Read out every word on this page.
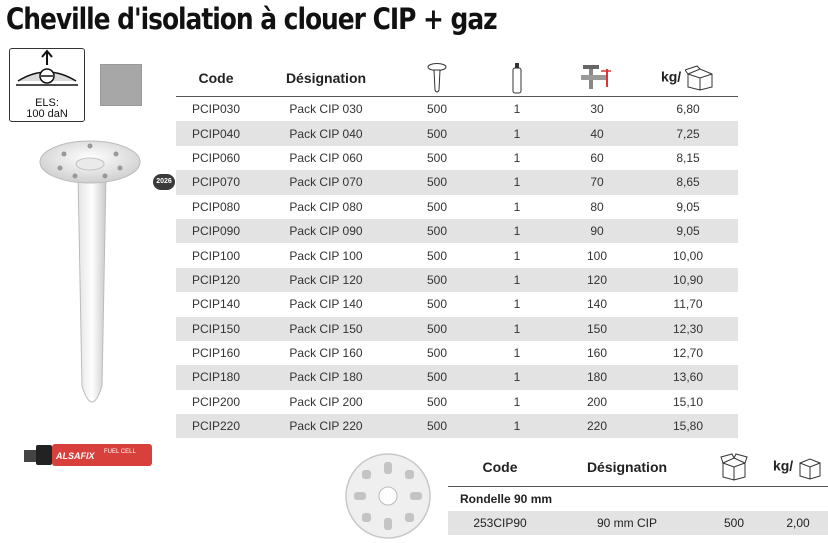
Cheville d'isolation à clouer CIP + gaz
ELS:
100 daN
ALSAFIX FUEL CELL
2026
Code	Désignation				kg/
PCIP030	Pack CIP 030	500	1	30	6,80
PCIP040	Pack CIP 040	500	1	40	7,25
PCIP060	Pack CIP 060	500	1	60	8,15
PCIP070	Pack CIP 070	500	1	70	8,65
PCIP080	Pack CIP 080	500	1	80	9,05
PCIP090	Pack CIP 090	500	1	90	9,05
PCIP100	Pack CIP 100	500	1	100	10,00
PCIP120	Pack CIP 120	500	1	120	10,90
PCIP140	Pack CIP 140	500	1	140	11,70
PCIP150	Pack CIP 150	500	1	150	12,30
PCIP160	Pack CIP 160	500	1	160	12,70
PCIP180	Pack CIP 180	500	1	180	13,60
PCIP200	Pack CIP 200	500	1	200	15,10
PCIP220	Pack CIP 220	500	1	220	15,80
Code	Désignation		kg/
Rondelle 90 mm			
253CIP90	90 mm CIP	500	2,00
